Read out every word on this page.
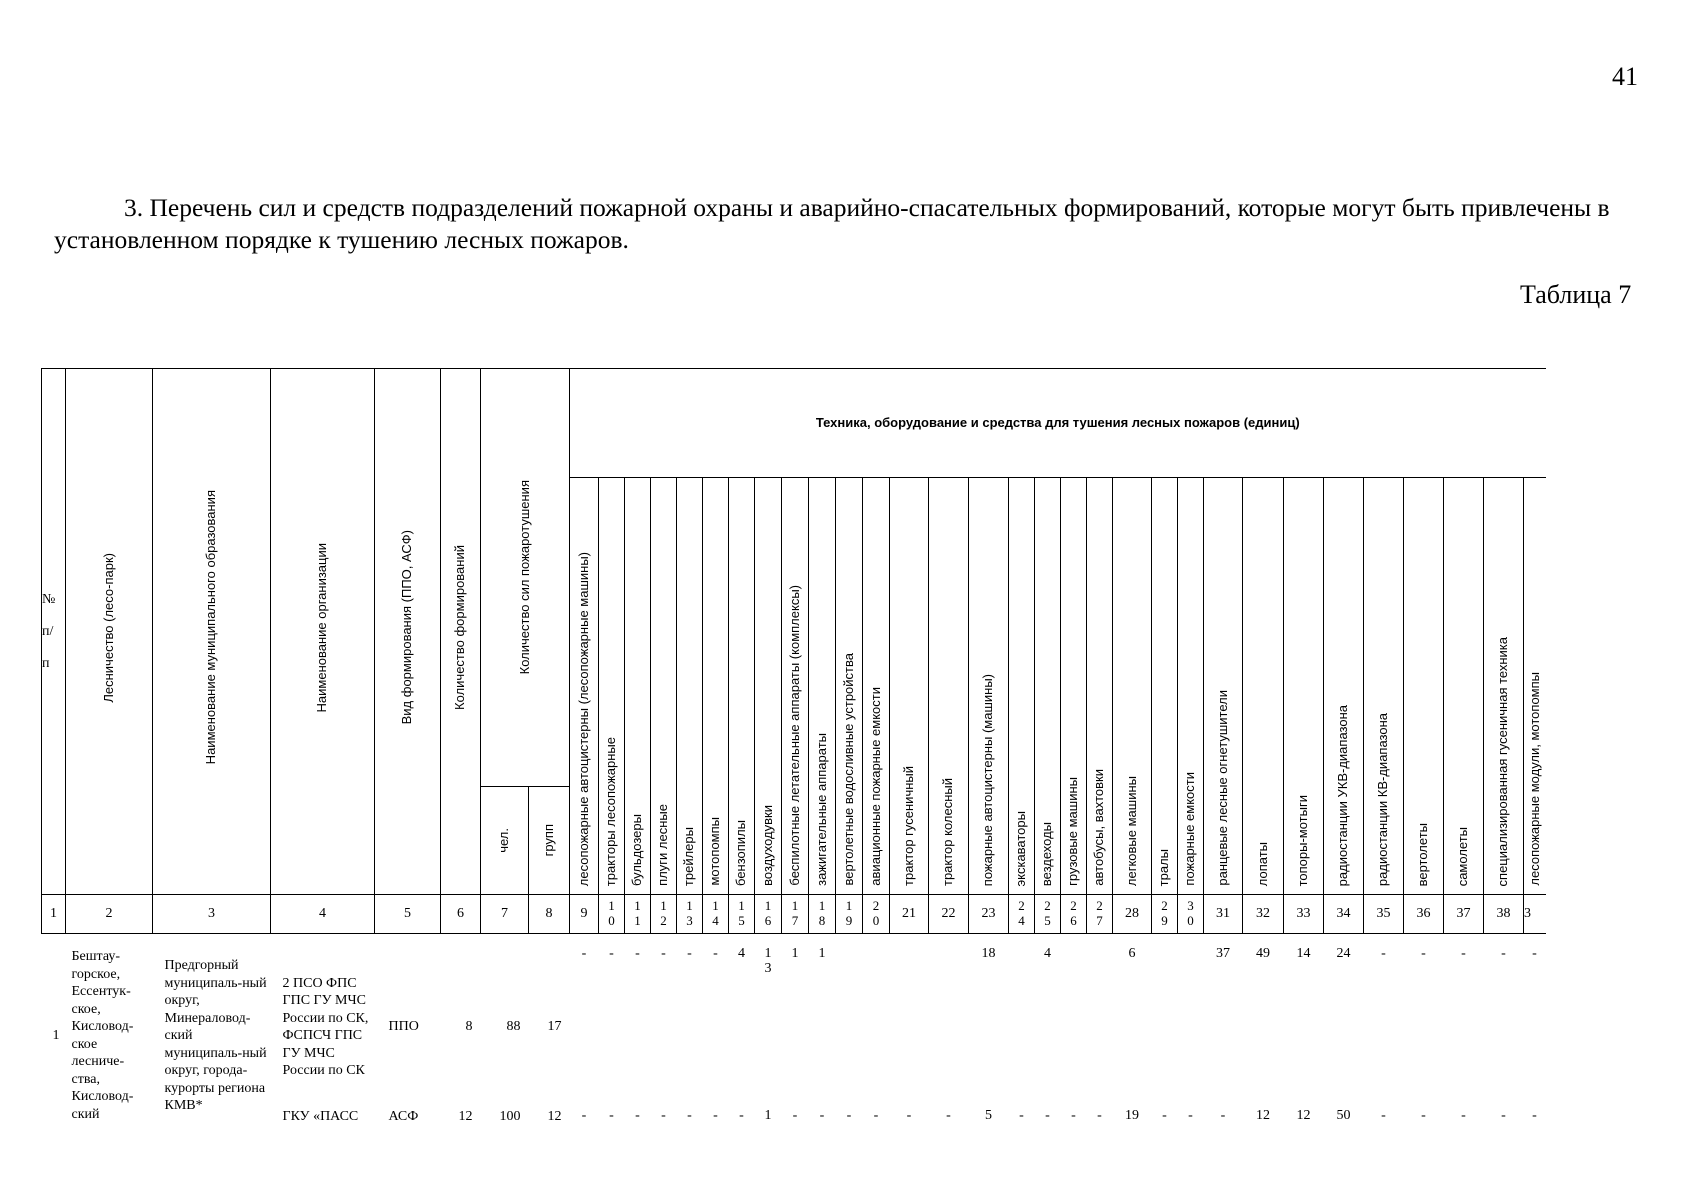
41
3. Перечень сил и средств подразделений пожарной охраны и аварийно-спасательных формирований, которые могут быть привлечены в установленном порядке к тушению лесных пожаров.
Таблица 7
№ п/ п	Лесничество (лесо-парк)	Наименование муниципального образования	Наименование организации	Вид формирования (ППО, АСФ)	Количество формирований	Количество сил пожаротушения		Техника, оборудование и средства для тушения лесных пожаров (единиц)																														

								лесопожарные автоцистерны (лесопожарные машины)	тракторы лесопожарные	бульдозеры	плуги лесные	трейлеры	мотопомпы	бензопилы	воздуходувки	беспилотные летательные аппараты (комплексы)	зажигательные аппараты	вертолетные водосливные устройства	авиационные пожарные емкости	трактор гусеничный	трактор колесный	пожарные автоцистерны (машины)	экскаваторы	вездеходы	грузовые машины	автобусы, вахтовки	легковые машины	тралы	пожарные емкости	ранцевые лесные огнетушители	лопаты	топоры-мотыги	радиостанции УКВ-диапазона	радиостанции КВ-диапазона	вертолеты	самолеты	специализированная гусеничная техника	лесопожарные модули, мотопомпы

						чел.	групп																															

1	2	3	4	5	6	7	8	9	10	11	12	13	14	15	16	17	18	19	20	21	22	23	24	25	26	27	28	29	30	31	32	33	34	35	36	37	38	3

1	Бештау-горское, Ессентук-ское, Кисловод-ское лесниче-ства, Кисловод-ский	Предгорный муниципаль-ный округ, Минераловод-ский муниципаль-ный округ, города-курорты региона КМВ*	2 ПСО ФПС ГПС ГУ МЧС России по СК, ФСПСЧ ГПС ГУ МЧС России по СК	ППО	8	88	17	-	-	-	-	-	-	4	13	1	1					18		4			6			37	49	14	24	-	-	-	-	-
			ГКУ «ПАСС	АСФ	12	100	12	-	-	-	-	-	-	-	1	-	-	-	-	-	-	5	-	-	-	-	19	-	-	-	12	12	50	-	-	-	-	-
